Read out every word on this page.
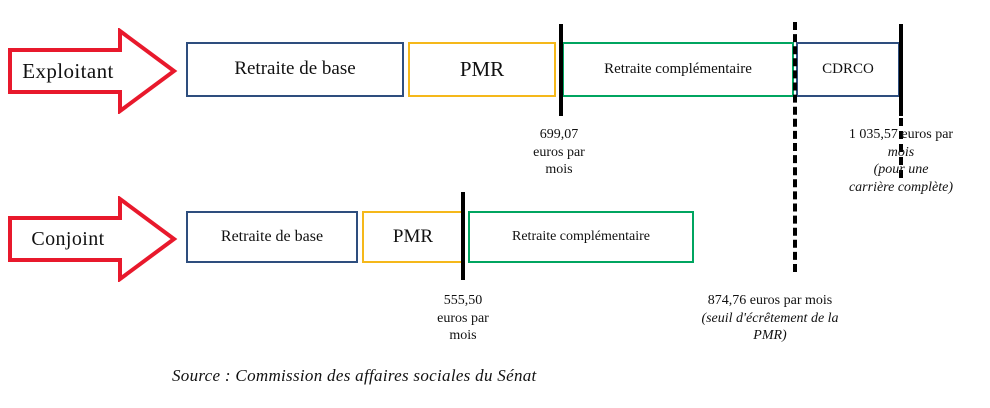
Exploitant	Retraite de base	PMR	Retraite complémentaire	CDRCO
699,07
euros par
mois
1 035,57 euros par
mois
(pour une
carrière complète)
Conjoint	Retraite de base	PMR	Retraite complémentaire
555,50
euros par
mois
874,76 euros par mois
(seuil d'écrêtement de la
PMR)
Source : Commission des affaires sociales du Sénat
